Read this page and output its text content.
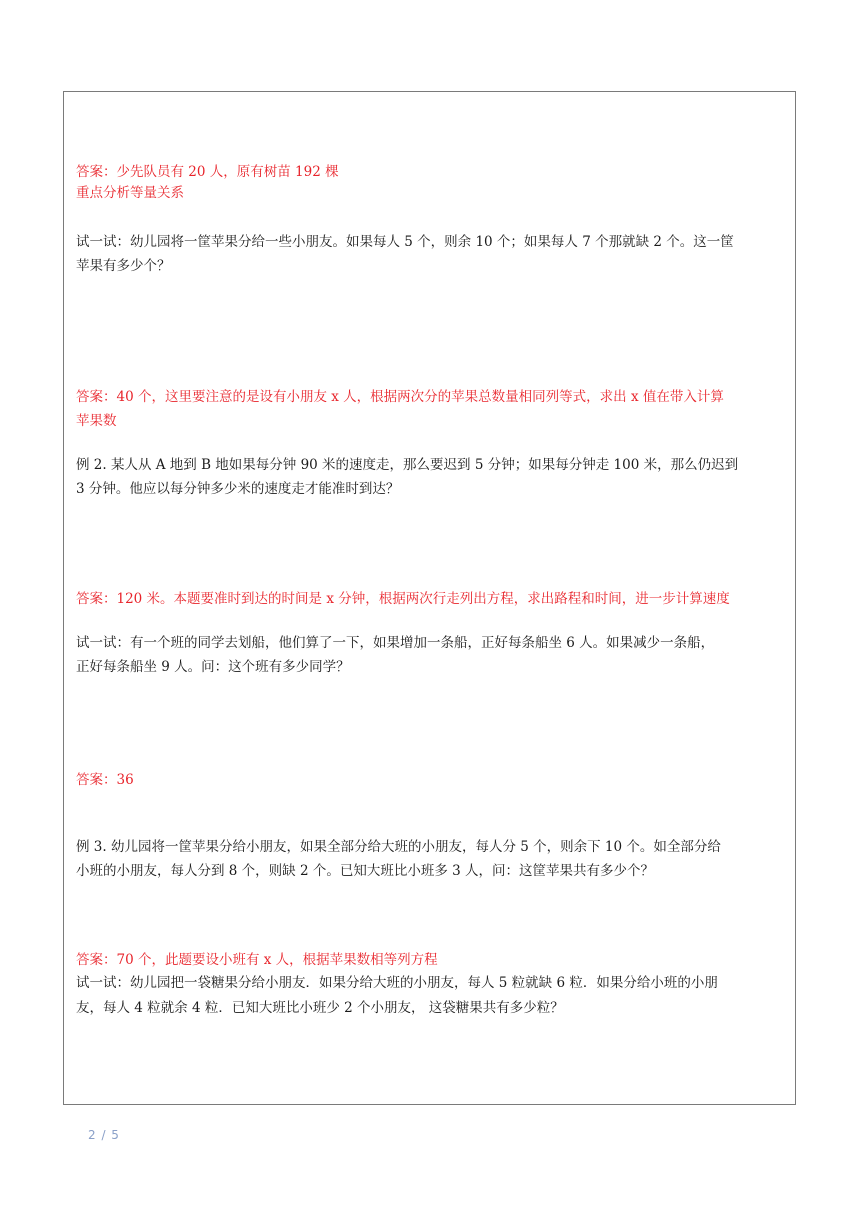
答案：少先队员有 20 人，原有树苗 192 棵
重点分析等量关系
试一试：幼儿园将一筐苹果分给一些小朋友。如果每人 5 个，则余 10 个；如果每人 7 个那就缺 2 个。这一筐
苹果有多少个？
答案：40 个，这里要注意的是设有小朋友 x 人，根据两次分的苹果总数量相同列等式，求出 x 值在带入计算
苹果数
例 2. 某人从 A 地到 B 地如果每分钟 90 米的速度走，那么要迟到 5 分钟；如果每分钟走 100 米，那么仍迟到
3 分钟。他应以每分钟多少米的速度走才能准时到达？
答案：120 米。本题要准时到达的时间是 x 分钟，根据两次行走列出方程，求出路程和时间，进一步计算速度
试一试：有一个班的同学去划船，他们算了一下，如果增加一条船，正好每条船坐 6 人。如果减少一条船，
正好每条船坐 9 人。问：这个班有多少同学？
答案：36
例 3. 幼儿园将一筐苹果分给小朋友，如果全部分给大班的小朋友，每人分 5 个，则余下 10 个。如全部分给
小班的小朋友，每人分到 8 个，则缺 2 个。已知大班比小班多 3 人，问：这筐苹果共有多少个？
答案：70 个，此题要设小班有 x 人，根据苹果数相等列方程
试一试：幼儿园把一袋糖果分给小朋友．如果分给大班的小朋友，每人 5 粒就缺 6 粒．如果分给小班的小朋
友，每人 4 粒就余 4 粒．已知大班比小班少 2 个小朋友， 这袋糖果共有多少粒？
2 / 5
